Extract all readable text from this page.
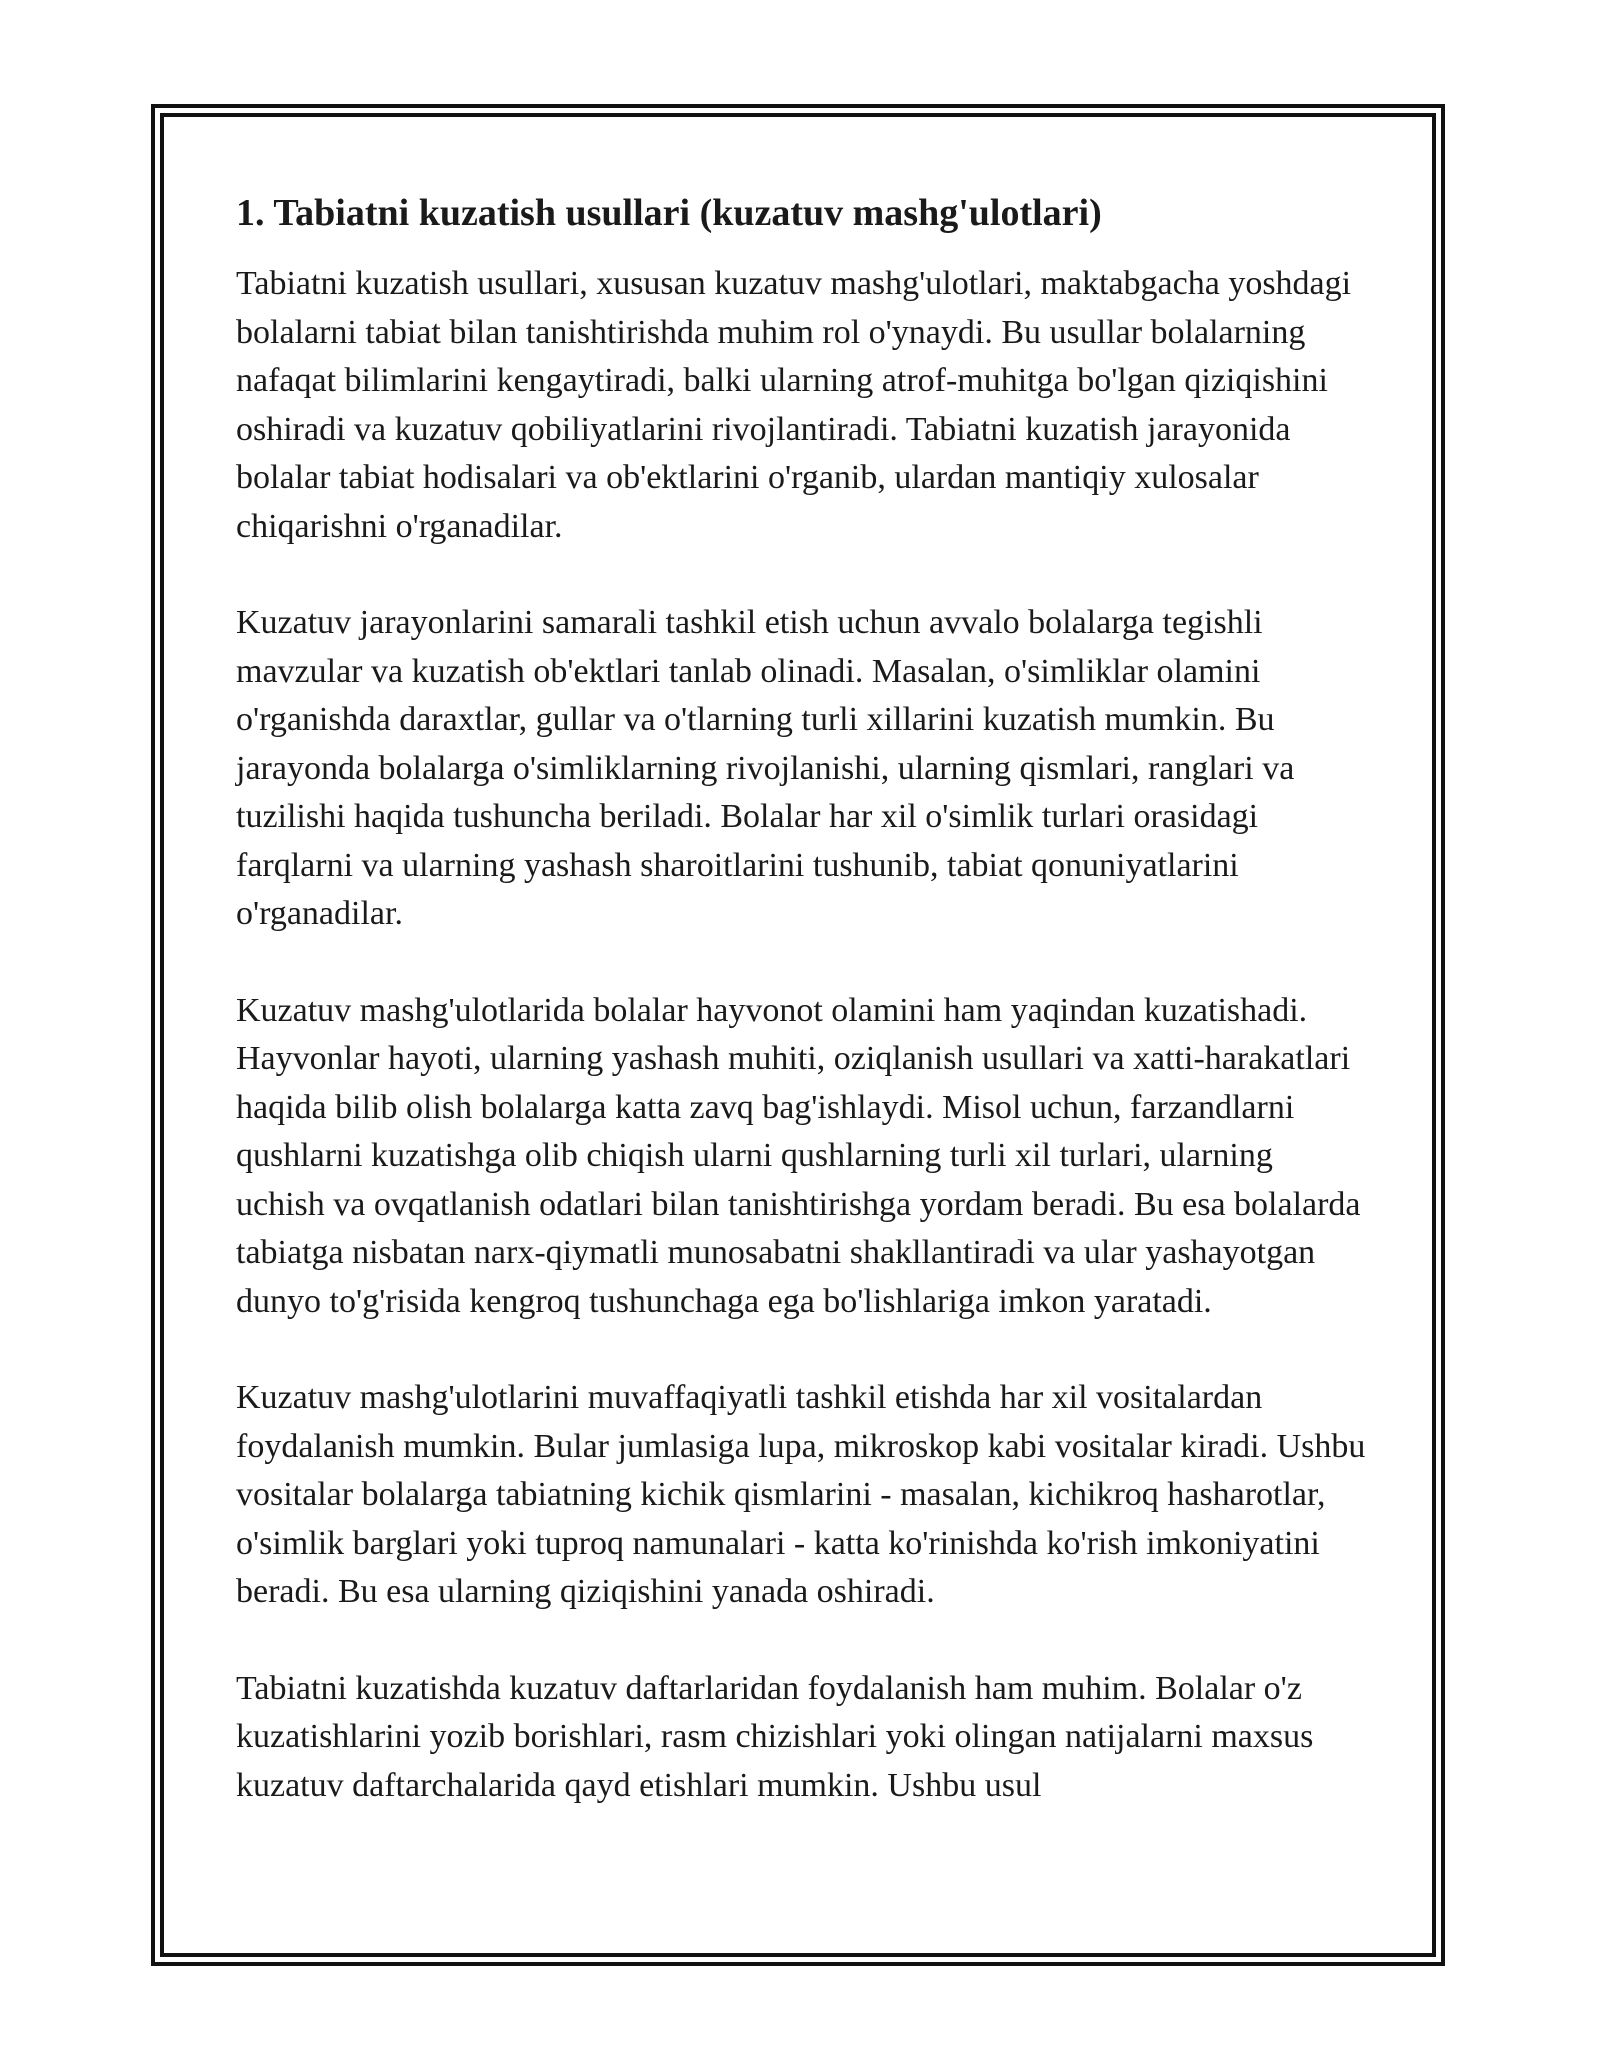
1. Tabiatni kuzatish usullari (kuzatuv mashg'ulotlari)

Tabiatni kuzatish usullari, xususan kuzatuv mashg'ulotlari, maktabgacha yoshdagi bolalarni tabiat bilan tanishtirishda muhim rol o'ynaydi. Bu usullar bolalarning nafaqat bilimlarini kengaytiradi, balki ularning atrof-muhitga bo'lgan qiziqishini oshiradi va kuzatuv qobiliyatlarini rivojlantiradi. Tabiatni kuzatish jarayonida bolalar tabiat hodisalari va ob'ektlarini o'rganib, ulardan mantiqiy xulosalar chiqarishni o'rganadilar.

Kuzatuv jarayonlarini samarali tashkil etish uchun avvalo bolalarga tegishli mavzular va kuzatish ob'ektlari tanlab olinadi. Masalan, o'simliklar olamini o'rganishda daraxtlar, gullar va o'tlarning turli xillarini kuzatish mumkin. Bu jarayonda bolalarga o'simliklarning rivojlanishi, ularning qismlari, ranglari va tuzilishi haqida tushuncha beriladi. Bolalar har xil o'simlik turlari orasidagi farqlarni va ularning yashash sharoitlarini tushunib, tabiat qonuniyatlarini o'rganadilar.

Kuzatuv mashg'ulotlarida bolalar hayvonot olamini ham yaqindan kuzatishadi. Hayvonlar hayoti, ularning yashash muhiti, oziqlanish usullari va xatti-harakatlari haqida bilib olish bolalarga katta zavq bag'ishlaydi. Misol uchun, farzandlarni qushlarni kuzatishga olib chiqish ularni qushlarning turli xil turlari, ularning uchish va ovqatlanish odatlari bilan tanishtirishga yordam beradi. Bu esa bolalarda tabiatga nisbatan narx-qiymatli munosabatni shakllantiradi va ular yashayotgan dunyo to'g'risida kengroq tushunchaga ega bo'lishlariga imkon yaratadi.

Kuzatuv mashg'ulotlarini muvaffaqiyatli tashkil etishda har xil vositalardan foydalanish mumkin. Bular jumlasiga lupa, mikroskop kabi vositalar kiradi. Ushbu vositalar bolalarga tabiatning kichik qismlarini - masalan, kichikroq hasharotlar, o'simlik barglari yoki tuproq namunalari - katta ko'rinishda ko'rish imkoniyatini beradi. Bu esa ularning qiziqishini yanada oshiradi.

Tabiatni kuzatishda kuzatuv daftarlaridan foydalanish ham muhim. Bolalar o'z kuzatishlarini yozib borishlari, rasm chizishlari yoki olingan natijalarni maxsus kuzatuv daftarchalarida qayd etishlari mumkin. Ushbu usul
